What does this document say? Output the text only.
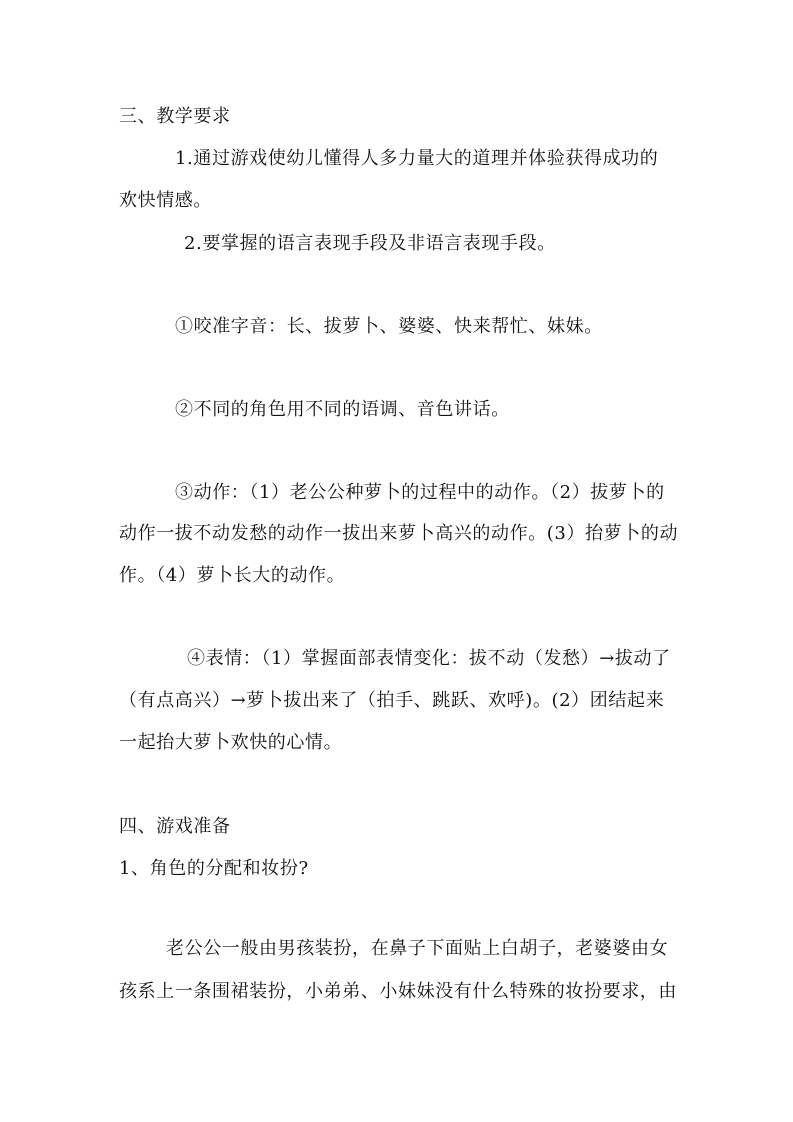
三、教学要求
1.通过游戏使幼儿懂得人多力量大的道理并体验获得成功的
欢快情感。
2.要掌握的语言表现手段及非语言表现手段。
①咬准字音：长、拔萝卜、婆婆、快来帮忙、妹妹。
②不同的角色用不同的语调、音色讲话。
③动作：（1）老公公种萝卜的过程中的动作。（2）拔萝卜的
动作一拔不动发愁的动作一拔出来萝卜高兴的动作。(3）抬萝卜的动
作。（4）萝卜长大的动作。
④表情：（1）掌握面部表情变化：拔不动（发愁）→拔动了
（有点高兴）→萝卜拔出来了（拍手、跳跃、欢呼)。(2）团结起来
一起抬大萝卜欢快的心情。
四、游戏准备
1、角色的分配和妆扮?
老公公一般由男孩装扮，在鼻子下面贴上白胡子，老婆婆由女
孩系上一条围裙装扮，小弟弟、小妹妹没有什么特殊的妆扮要求，由
